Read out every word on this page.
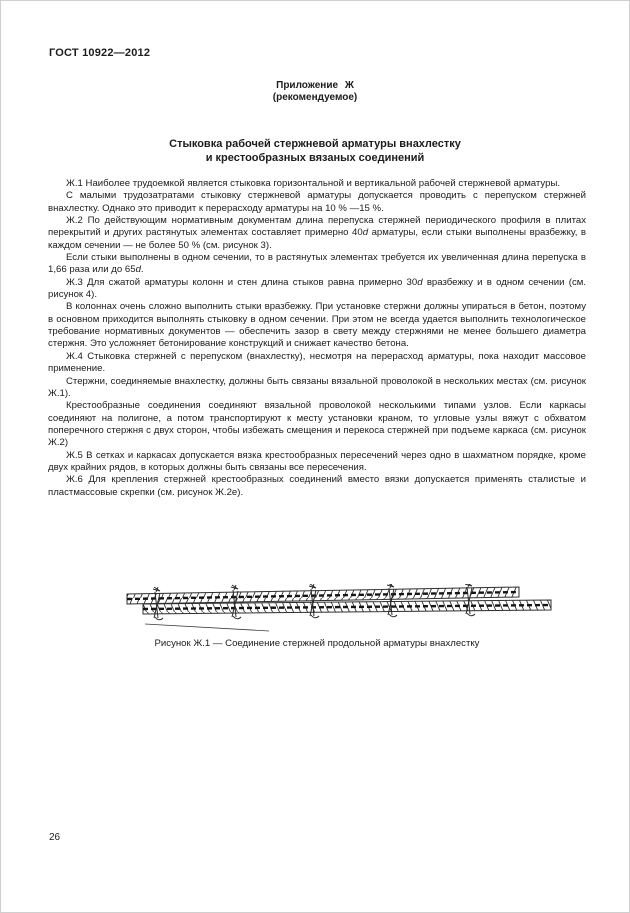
ГОСТ 10922—2012
Приложение Ж
(рекомендуемое)
Стыковка рабочей стержневой арматуры внахлестку
и крестообразных вязаных соединений

Ж.1 Наиболее трудоемкой является стыковка горизонтальной и вертикальной рабочей стержневой арматуры.

С малыми трудозатратами стыковку стержневой арматуры допускается проводить с перепуском стержней внахлестку. Однако это приводит к перерасходу арматуры на 10 % —15 %.

Ж.2 По действующим нормативным документам длина перепуска стержней периодического профиля в плитах перекрытий и других растянутых элементах составляет примерно 40d арматуры, если стыки выполнены вразбежку, в каждом сечении — не более 50 % (см. рисунок 3).

Если стыки выполнены в одном сечении, то в растянутых элементах требуется их увеличенная длина перепуска в 1,66 раза или до 65d.

Ж.3 Для сжатой арматуры колонн и стен длина стыков равна примерно 30d вразбежку и в одном сечении (см. рисунок 4).

В колоннах очень сложно выполнить стыки вразбежку. При установке стержни должны упираться в бетон, поэтому в основном приходится выполнять стыковку в одном сечении. При этом не всегда удается выполнить технологическое требование нормативных документов — обеспечить зазор в свету между стержнями не менее большего диаметра стержня. Это усложняет бетонирование конструкций и снижает качество бетона.

Ж.4 Стыковка стержней с перепуском (внахлестку), несмотря на перерасход арматуры, пока находит массовое применение.

Стержни, соединяемые внахлестку, должны быть связаны вязальной проволокой в нескольких местах (см. рисунок Ж.1).

Крестообразные соединения соединяют вязальной проволокой несколькими типами узлов. Если каркасы соединяют на полигоне, а потом транспортируют к месту установки краном, то угловые узлы вяжут с обхватом поперечного стержня с двух сторон, чтобы избежать смещения и перекоса стержней при подъеме каркаса (см. рисунок Ж.2)

Ж.5 В сетках и каркасах допускается вязка крестообразных пересечений через одно в шахматном порядке, кроме двух крайних рядов, в которых должны быть связаны все пересечения.

Ж.6 Для крепления стержней крестообразных соединений вместо вязки допускается применять сталистые и пластмассовые скрепки (см. рисунок Ж.2е).

Рисунок Ж.1 — Соединение стержней продольной арматуры внахлестку
26
